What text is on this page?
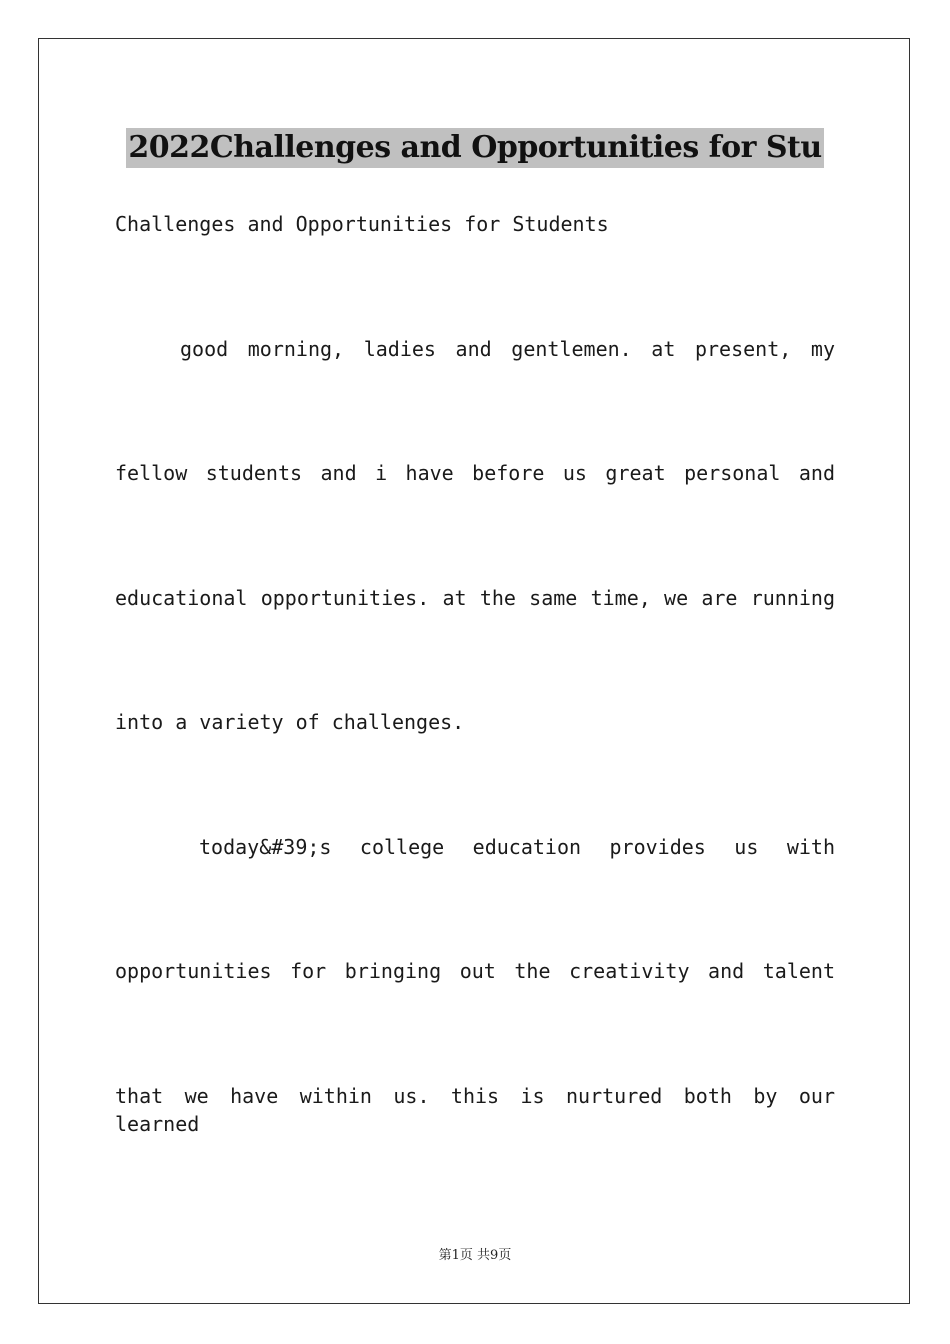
2022Challenges and Opportunities for Stu
Challenges and Opportunities for Students
good morning, ladies and gentlemen. at present, my
fellow students and i have before us great personal and
educational opportunities. at the same time, we are running
into a variety of challenges.
today&#39;s college education provides us with
opportunities for bringing out the creativity and talent
that we have within us. this is nurtured both by our learned
第1页 共9页
